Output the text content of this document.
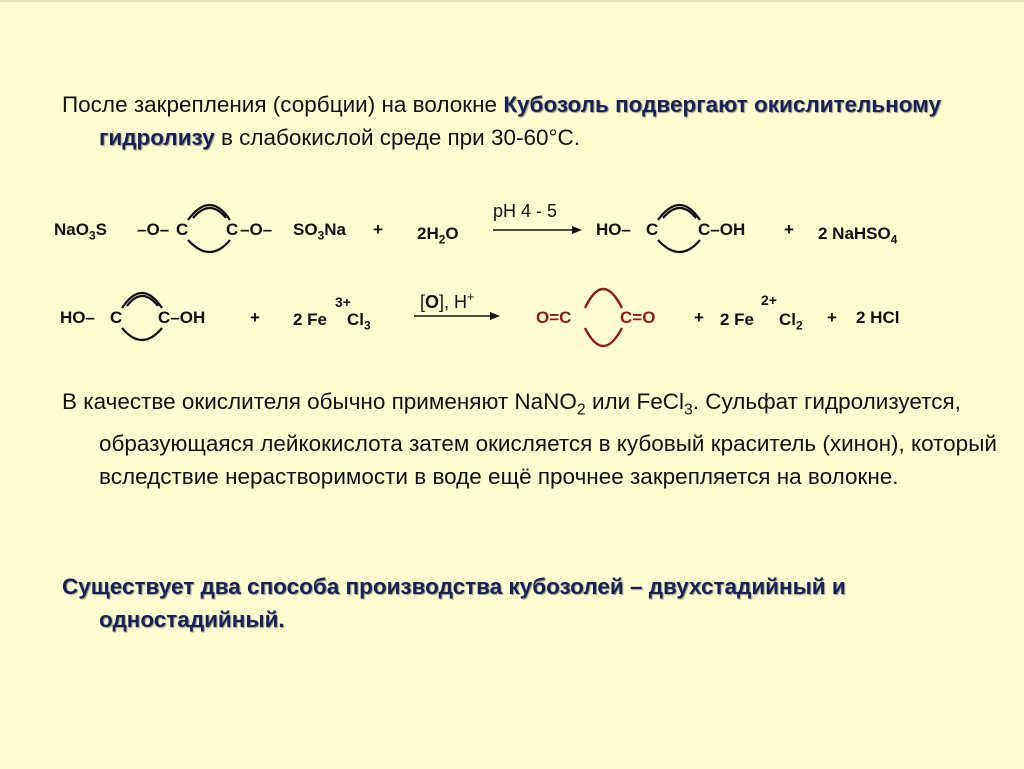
После закрепления (сорбции) на волокне Кубозоль подвергают окислительному гидролизу в слабокислой среде при 30-60°С.
NaO$_3$S –O– C C –O– $SO_3Na + 2H_2O$
pH 4 - 5
HO– C C–OH + 2 NaHSO$_4$
HO– C C–OH	+ 2 Fe
3+
$Cl_3$
[O], H+
O=C	C=O + 2 Fe
2+
$Cl_2 + 2$ HCl
В качестве окислителя обычно применяют NaNO$_2$ или FeCl$_3$. Сульфат гидролизуется, образующаяся лейкокислота затем окисляется в кубовый краситель (хинон), который вследствие нерастворимости в воде ещё прочнее закрепляется на волокне.
Существует два способа производства кубозолей – двухстадийный и одностадийный.
